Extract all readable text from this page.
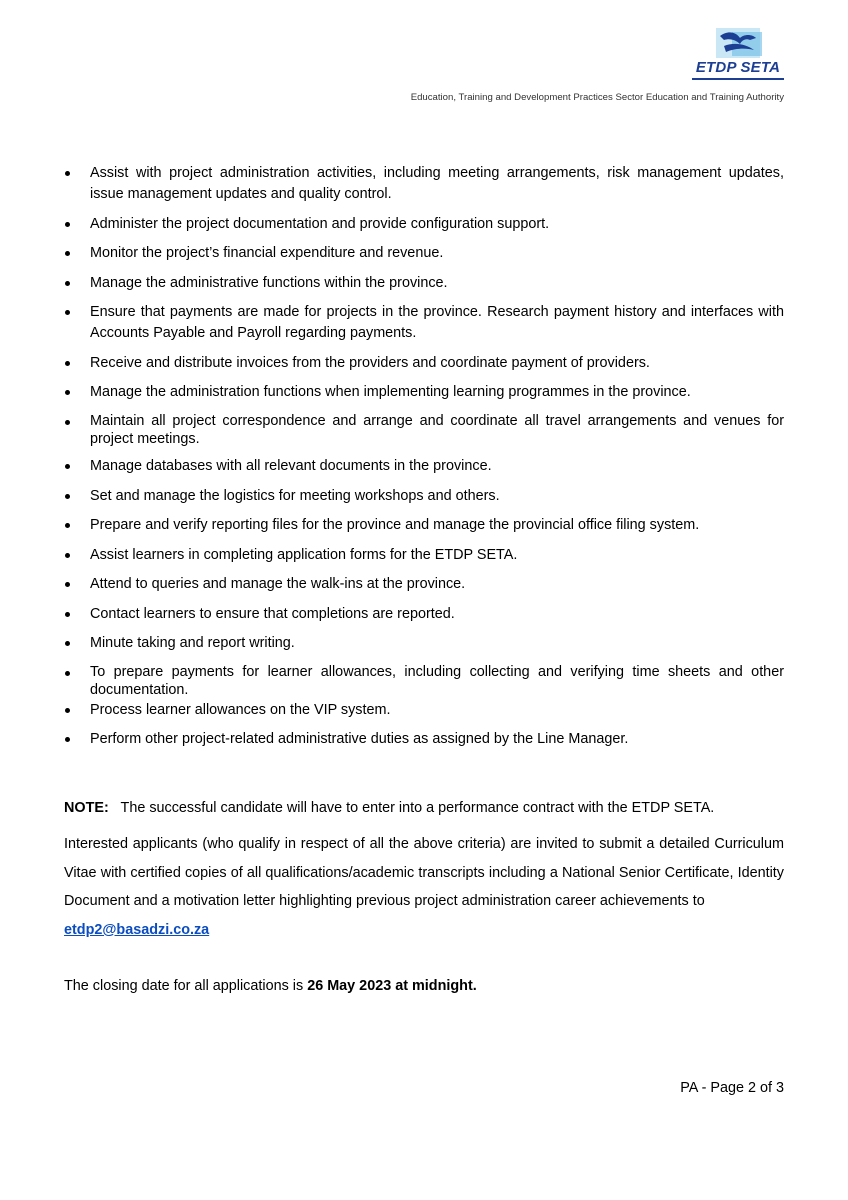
ETDP SETA
Education, Training and Development Practices Sector Education and Training Authority
Assist with project administration activities, including meeting arrangements, risk management updates, issue management updates and quality control.
Administer the project documentation and provide configuration support.
Monitor the project’s financial expenditure and revenue.
Manage the administrative functions within the province.
Ensure that payments are made for projects in the province. Research payment history and interfaces with Accounts Payable and Payroll regarding payments.
Receive and distribute invoices from the providers and coordinate payment of providers.
Manage the administration functions when implementing learning programmes in the province.
Maintain all project correspondence and arrange and coordinate all travel arrangements and venues for project meetings.
Manage databases with all relevant documents in the province.
Set and manage the logistics for meeting workshops and others.
Prepare and verify reporting files for the province and manage the provincial office filing system.
Assist learners in completing application forms for the ETDP SETA.
Attend to queries and manage the walk-ins at the province.
Contact learners to ensure that completions are reported.
Minute taking and report writing.
To prepare payments for learner allowances, including collecting and verifying time sheets and other documentation.
Process learner allowances on the VIP system.
Perform other project-related administrative duties as assigned by the Line Manager.
NOTE: The successful candidate will have to enter into a performance contract with the ETDP SETA.
Interested applicants (who qualify in respect of all the above criteria) are invited to submit a detailed Curriculum Vitae with certified copies of all qualifications/academic transcripts including a National Senior Certificate, Identity Document and a motivation letter highlighting previous project administration career achievements to
etdp2@basadzi.co.za
The closing date for all applications is 26 May 2023 at midnight.
PA - Page 2 of 3
